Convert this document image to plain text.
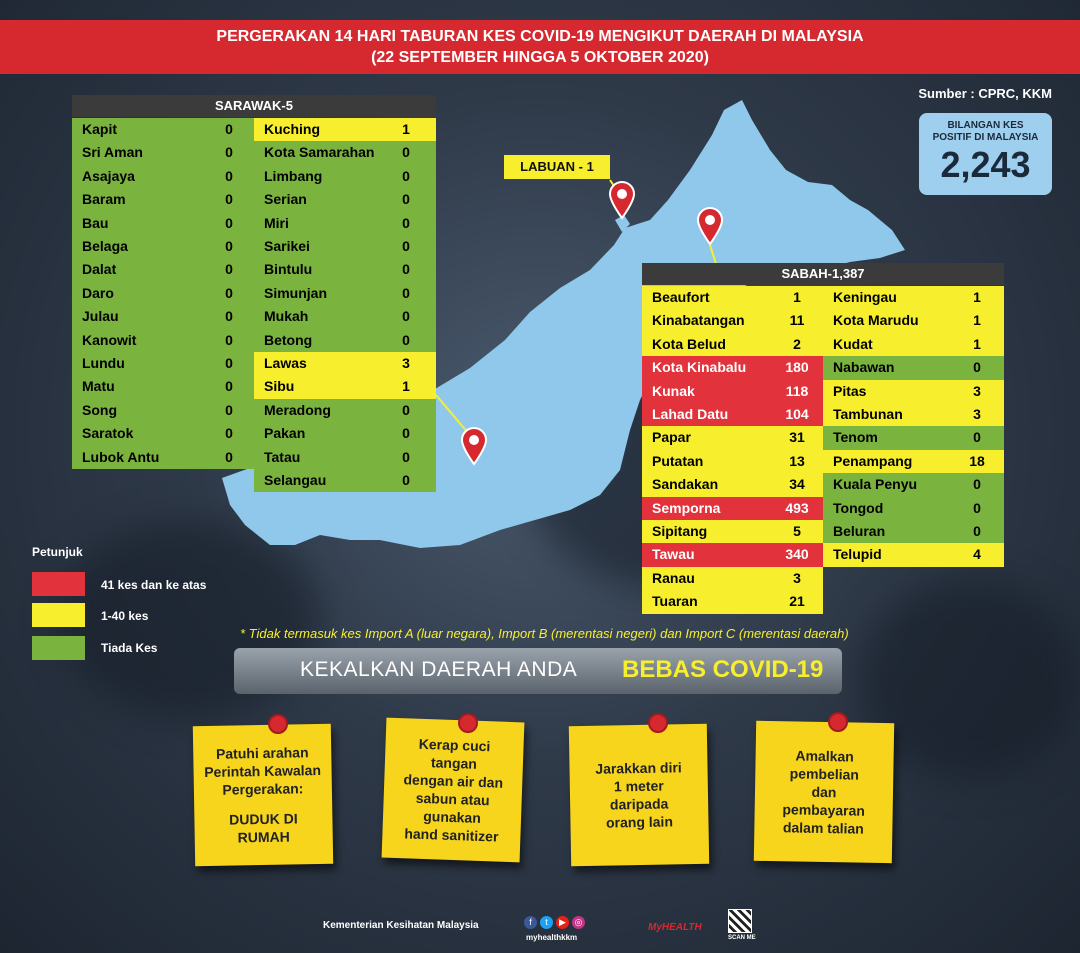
PERGERAKAN 14 HARI TABURAN KES COVID-19 MENGIKUT DAERAH DI MALAYSIA
(22 SEPTEMBER HINGGA 5 OKTOBER 2020)
Sumber : CPRC, KKM
BILANGAN KES
POSITIF DI MALAYSIA
2,243
LABUAN - 1
SARAWAK-5
SABAH-1,387
Petunjuk
41 kes dan ke atas
1-40 kes
Tiada Kes
* Tidak termasuk kes Import A (luar negara), Import B (merentasi negeri) dan Import C (merentasi daerah)
KEKALKAN DAERAH ANDA BEBAS COVID-19
Patuhi arahan
Perintah Kawalan
Pergerakan:
DUDUK DI
RUMAH
Kerap cuci
tangan
dengan air dan
sabun atau
gunakan
hand sanitizer
Jarakkan diri
1 meter
daripada
orang lain
Amalkan
pembelian
dan
pembayaran
dalam talian
Kementerian Kesihatan Malaysia	f	t	▶ ◎
myhealthkkm
MyHEALTH
SCAN ME
Kapit	0
Sri Aman	0
Asajaya	0
Baram	0
Bau	0
Belaga	0
Dalat	0
Daro	0
Julau	0
Kanowit	0
Lundu	0
Matu	0
Song	0
Saratok	0
Lubok Antu	0
Kuching	1
Kota Samarahan	0
Limbang	0
Serian	0
Miri	0
Sarikei	0
Bintulu	0
Simunjan	0
Mukah	0
Betong	0
Lawas	3
Sibu	1
Meradong	0
Pakan	0
Tatau	0
Selangau	0
Beaufort	1
Kinabatangan	11
Kota Belud	2
Kota Kinabalu	180
Kunak	118
Lahad Datu	104
Papar	31
Putatan	13
Sandakan	34
Semporna	493
Sipitang	5
Tawau	340
Ranau	3
Tuaran	21
Keningau	1
Kota Marudu	1
Kudat	1
Nabawan	0
Pitas	3
Tambunan	3
Tenom	0
Penampang	18
Kuala Penyu	0
Tongod	0
Beluran	0
Telupid	4
